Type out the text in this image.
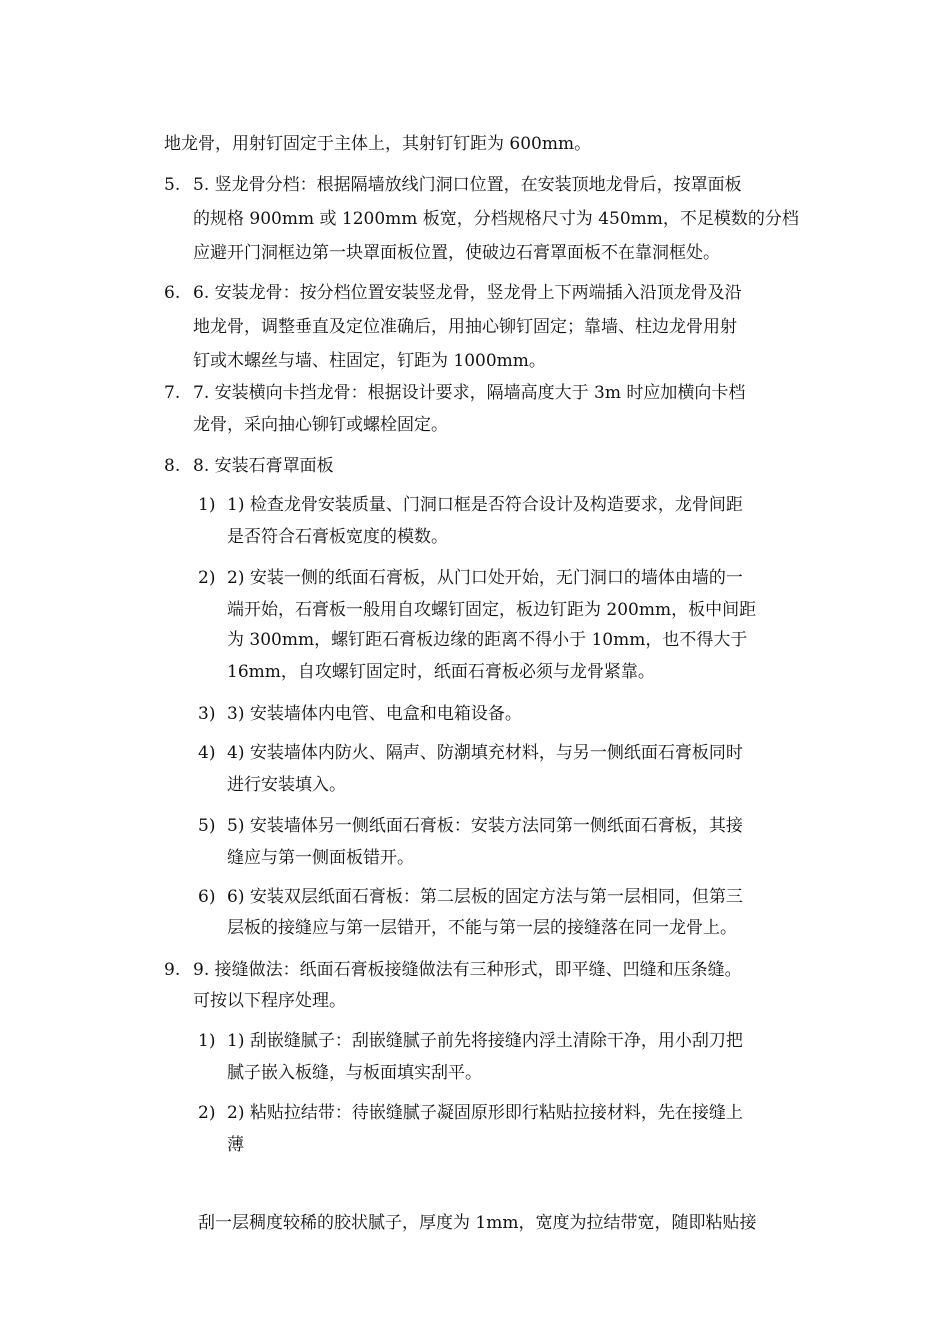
地龙骨，用射钉固定于主体上，其射钉钉距为 600mm。
5. 5. 竖龙骨分档：根据隔墙放线门洞口位置，在安装顶地龙骨后，按罩面板
的规格 900mm 或 1200mm 板宽，分档规格尺寸为 450mm，不足模数的分档
应避开门洞框边第一块罩面板位置，使破边石膏罩面板不在靠洞框处。
6. 6. 安装龙骨：按分档位置安装竖龙骨，竖龙骨上下两端插入沿顶龙骨及沿
地龙骨，调整垂直及定位准确后，用抽心铆钉固定；靠墙、柱边龙骨用射
钉或木螺丝与墙、柱固定，钉距为 1000mm。
7. 7. 安装横向卡挡龙骨：根据设计要求，隔墙高度大于 3m 时应加横向卡档
龙骨，采向抽心铆钉或螺栓固定。
8. 8. 安装石膏罩面板
1) 1) 检查龙骨安装质量、门洞口框是否符合设计及构造要求，龙骨间距
是否符合石膏板宽度的模数。
2) 2) 安装一侧的纸面石膏板，从门口处开始，无门洞口的墙体由墙的一
端开始，石膏板一般用自攻螺钉固定，板边钉距为 200mm，板中间距
为 300mm，螺钉距石膏板边缘的距离不得小于 10mm，也不得大于
16mm，自攻螺钉固定时，纸面石膏板必须与龙骨紧靠。
3) 3) 安装墙体内电管、电盒和电箱设备。
4) 4) 安装墙体内防火、隔声、防潮填充材料，与另一侧纸面石膏板同时
进行安装填入。
5) 5) 安装墙体另一侧纸面石膏板：安装方法同第一侧纸面石膏板，其接
缝应与第一侧面板错开。
6) 6) 安装双层纸面石膏板：第二层板的固定方法与第一层相同，但第三
层板的接缝应与第一层错开，不能与第一层的接缝落在同一龙骨上。
9. 9. 接缝做法：纸面石膏板接缝做法有三种形式，即平缝、凹缝和压条缝。
可按以下程序处理。
1) 1) 刮嵌缝腻子：刮嵌缝腻子前先将接缝内浮土清除干净，用小刮刀把
腻子嵌入板缝，与板面填实刮平。
2) 2) 粘贴拉结带：待嵌缝腻子凝固原形即行粘贴拉接材料，先在接缝上
薄
刮一层稠度较稀的胶状腻子，厚度为 1mm，宽度为拉结带宽，随即粘贴接
